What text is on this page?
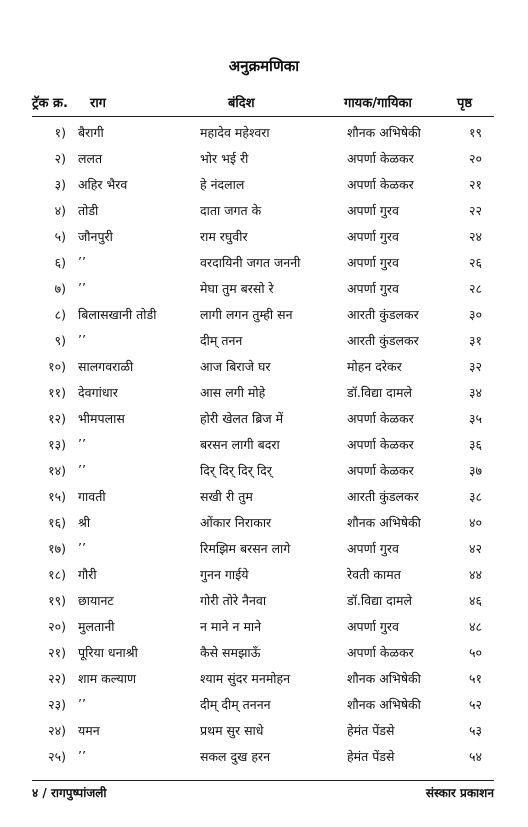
अनुक्रमणिका
ट्रॅक क्र. राग	बंदिश	गायक/गायिका	पृष्ठ
१) बैरागी	महादेव महेश्वरा	शौनक अभिषेकी	१९
२) ललत	भोर भई री	अपर्णा केळकर	२०
३) अहिर भैरव	हे नंदलाल	अपर्णा केळकर	२१
४) तोडी	दाता जगत के	अपर्णा गुरव	२२
५) जौनपुरी	राम रघुवीर	अपर्णा गुरव	२४
६) ’’	वरदायिनी जगत जननी	अपर्णा गुरव	२६
७) ’’	मेघा तुम बरसो रे	अपर्णा गुरव	२८
८) बिलासखानी तोडी	लागी लगन तुम्ही सन	आरती कुंडलकर	३०
९) ’’	दीम् तनन	आरती कुंडलकर	३१
१०) सालगवराळी	आज बिराजे घर	मोहन दरेकर	३२
११) देवगांधार	आस लगी मोहे	डॉ.विद्या दामले	३४
१२) भीमपलास	होरी खेलत ब्रिज में	अपर्णा केळकर	३५
१३) ’’	बरसन लागी बदरा	अपर्णा केळकर	३६
१४) ’’	दिर् दिर् दिर् दिर्	अपर्णा केळकर	३७
१५) गावती	सखी री तुम	आरती कुंडलकर	३८
१६) श्री	ओंकार निराकार	शौनक अभिषेकी	४०
१७) ’’	रिमझिम बरसन लागे	अपर्णा गुरव	४२
१८) गौरी	गुनन गाईये	रेवती कामत	४४
१९) छायानट	गोरी तोरे नैनवा	डॉ.विद्या दामले	४६
२०) मुलतानी	न माने न माने	अपर्णा गुरव	४८
२१) पूरिया धनाश्री	कैसे समझाऊँ	अपर्णा केळकर	५०
२२) शाम कल्याण	श्याम सुंदर मनमोहन	शौनक अभिषेकी	५१
२३) ’’	दीम् दीम् तननन	शौनक अभिषेकी	५२
२४) यमन	प्रथम सुर साधे	हेमंत पेंडसे	५३
२५) ’’	सकल दुख हरन	हेमंत पेंडसे	५४
४ / रागपुष्पांजली	संस्कार प्रकाशन
